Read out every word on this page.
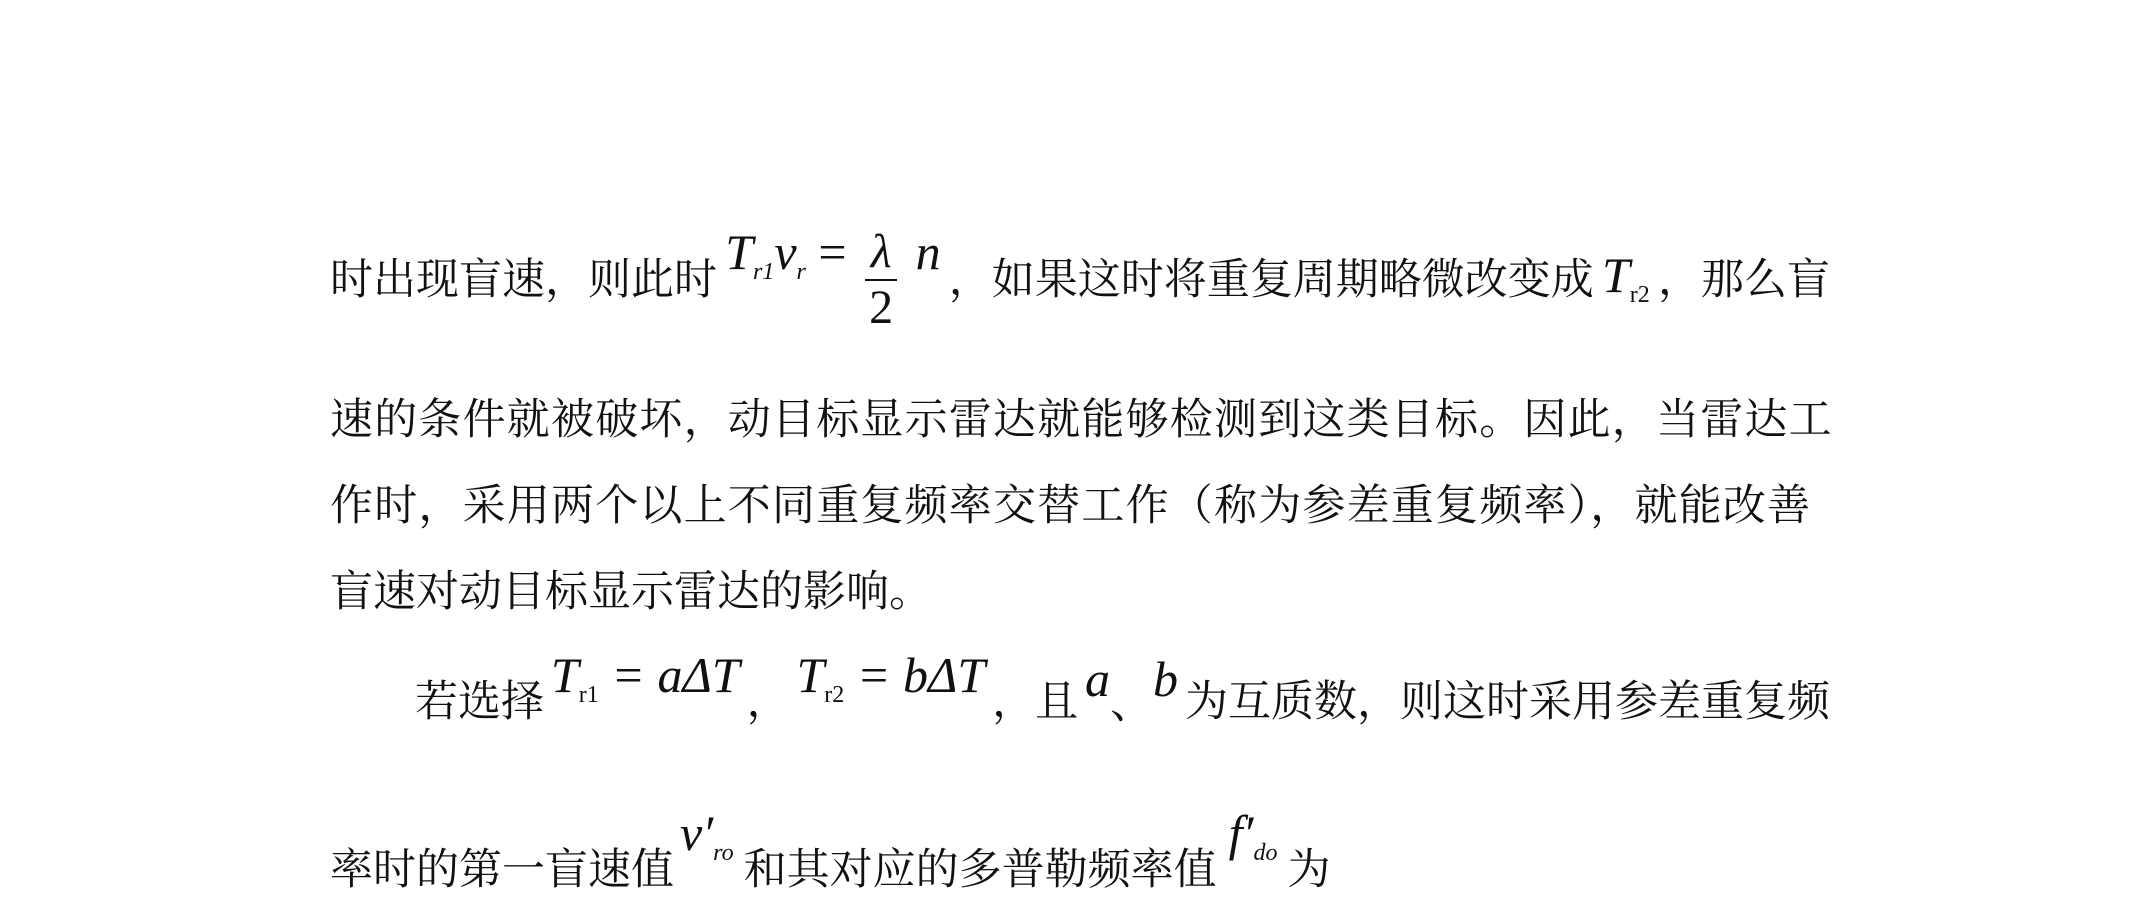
时出现盲速，则此时 $T_{r1}v_r = \frac{\lambda}{2}$ n ，如果这时将重复周期略微改变成 $T_{r2}$ ，那么盲
速的条件就被破坏，动目标显示雷达就能够检测到这类目标。因此，当雷达工
作时，采用两个以上不同重复频率交替工作（称为参差重复频率），就能改善
盲速对动目标显示雷达的影响。
若选择 $T_{r1} = a\Delta T$ ， $T_{r2} = b\Delta T$ ，且 a、b 为互质数，则这时采用参差重复频
率时的第一盲速值
$v'_{ro}$ 和其对应的多普勒频率值
$f'_{do}$ 为
